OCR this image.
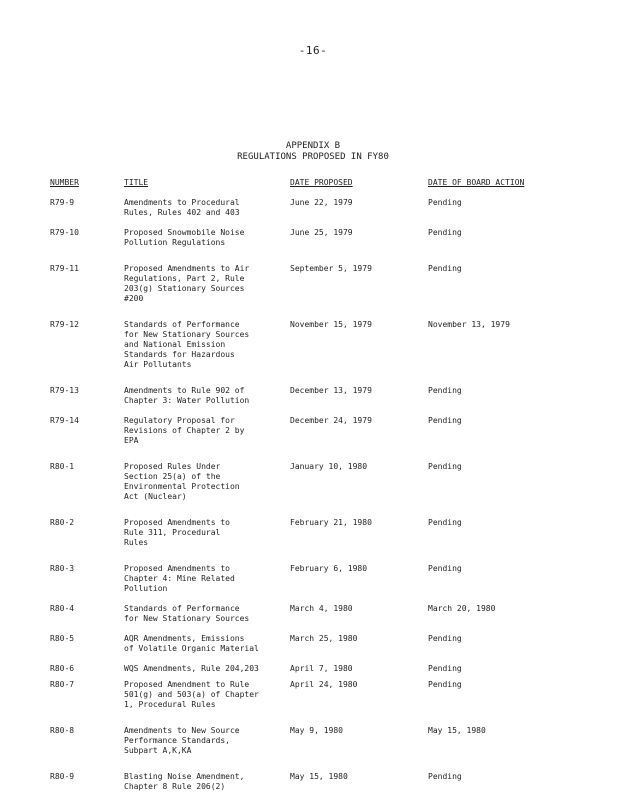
-16-
APPENDIX B
REGULATIONS PROPOSED IN FY80
NUMBER	TITLE	DATE PROPOSED	DATE OF BOARD ACTION
R79-9	Amendments to Procedural
Rules, Rules 402 and 403	June 22, 1979	Pending
R79-10	Proposed Snowmobile Noise
Pollution Regulations	June 25, 1979	Pending
R79-11	Proposed Amendments to Air
Regulations, Part 2, Rule
203(g) Stationary Sources
#200	September 5, 1979	Pending
R79-12	Standards of Performance
for New Stationary Sources
and National Emission
Standards for Hazardous
Air Pollutants	November 15, 1979	November 13, 1979
R79-13	Amendments to Rule 902 of
Chapter 3: Water Pollution	December 13, 1979	Pending
R79-14	Regulatory Proposal for
Revisions of Chapter 2 by
EPA	December 24, 1979	Pending
R80-1	Proposed Rules Under
Section 25(a) of the
Environmental Protection
Act (Nuclear)	January 10, 1980	Pending
R80-2	Proposed Amendments to
Rule 311, Procedural
Rules	February 21, 1980	Pending
R80-3	Proposed Amendments to
Chapter 4: Mine Related
Pollution	February 6, 1980	Pending
R80-4	Standards of Performance
for New Stationary Sources	March 4, 1980	March 20, 1980
R80-5	AQR Amendments, Emissions
of Volatile Organic Material	March 25, 1980	Pending
R80-6	WQS Amendments, Rule 204,203	April 7, 1980	Pending
R80-7	Proposed Amendment to Rule
501(g) and 503(a) of Chapter
1, Procedural Rules	April 24, 1980	Pending
R80-8	Amendments to New Source
Performance Standards,
Subpart A,K,KA	May 9, 1980	May 15, 1980
R80-9	Blasting Noise Amendment,
Chapter 8 Rule 206(2)	May 15, 1980	Pending
